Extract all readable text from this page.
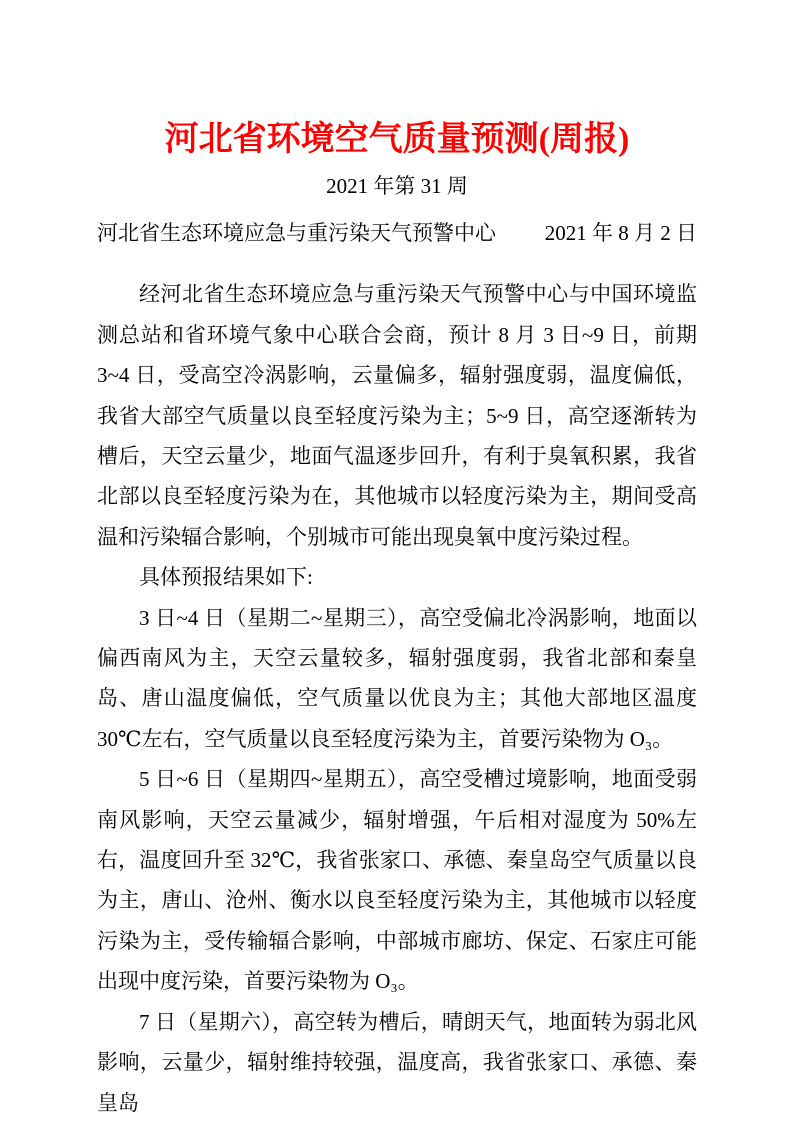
河北省环境空气质量预测(周报)
2021 年第 31 周
河北省生态环境应急与重污染天气预警中心 2021 年 8 月 2 日

经河北省生态环境应急与重污染天气预警中心与中国环境监测总站和省环境气象中心联合会商，预计 8 月 3 日~9 日，前期 3~4 日，受高空冷涡影响，云量偏多，辐射强度弱，温度偏低，我省大部空气质量以良至轻度污染为主；5~9 日，高空逐渐转为槽后，天空云量少，地面气温逐步回升，有利于臭氧积累，我省北部以良至轻度污染为在，其他城市以轻度污染为主，期间受高温和污染辐合影响，个别城市可能出现臭氧中度污染过程。

具体预报结果如下:

3 日~4 日（星期二~星期三），高空受偏北冷涡影响，地面以偏西南风为主，天空云量较多，辐射强度弱，我省北部和秦皇岛、唐山温度偏低，空气质量以优良为主；其他大部地区温度 30℃左右，空气质量以良至轻度污染为主，首要污染物为 O₃。

5 日~6 日（星期四~星期五），高空受槽过境影响，地面受弱南风影响，天空云量减少，辐射增强，午后相对湿度为 50%左右，温度回升至 32℃，我省张家口、承德、秦皇岛空气质量以良为主，唐山、沧州、衡水以良至轻度污染为主，其他城市以轻度污染为主，受传输辐合影响，中部城市廊坊、保定、石家庄可能出现中度污染，首要污染物为 O₃。

7 日（星期六），高空转为槽后，晴朗天气，地面转为弱北风影响，云量少，辐射维持较强，温度高，我省张家口、承德、秦皇岛
